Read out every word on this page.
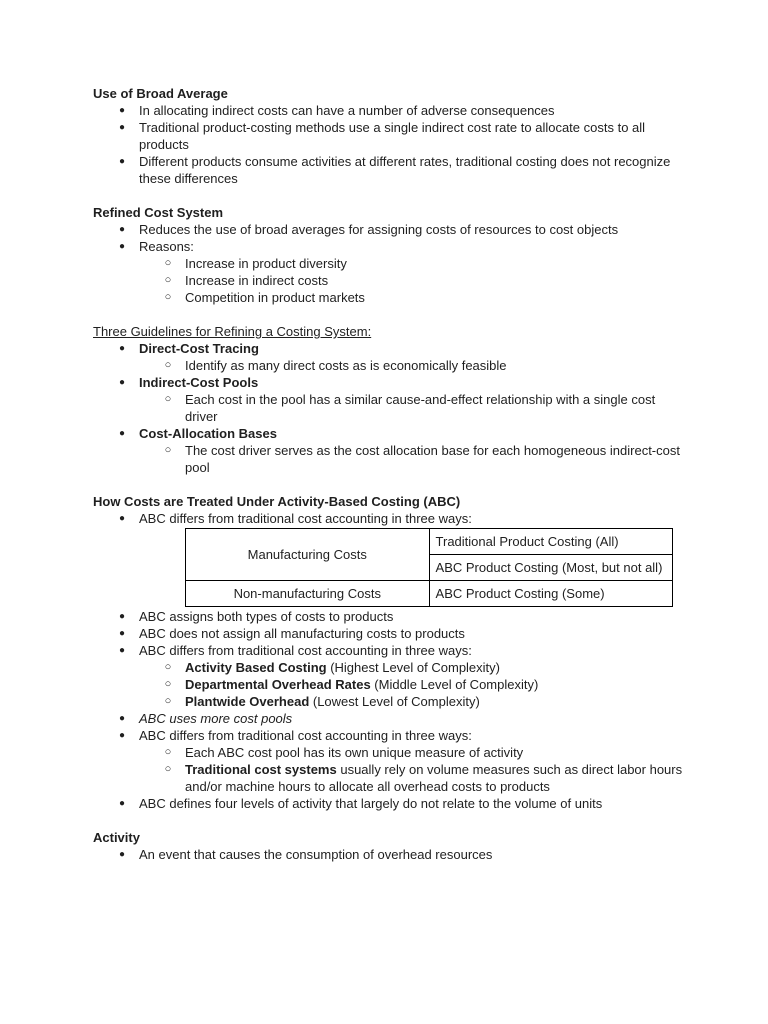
Use of Broad Average
●	In allocating indirect costs can have a number of adverse consequences
●	Traditional product-costing methods use a single indirect cost rate to allocate costs to all products
●	Different products consume activities at different rates, traditional costing does not recognize these differences
Refined Cost System
●	Reduces the use of broad averages for assigning costs of resources to cost objects
●	Reasons:
○ Increase in product diversity
○ Increase in indirect costs
○ Competition in product markets
Three Guidelines for Refining a Costing System:
●	Direct-Cost Tracing
○ Identify as many direct costs as is economically feasible
●	Indirect-Cost Pools
○ Each cost in the pool has a similar cause-and-effect relationship with a single cost driver
●	Cost-Allocation Bases
○ The cost driver serves as the cost allocation base for each homogeneous indirect-cost pool
How Costs are Treated Under Activity-Based Costing (ABC)
●	ABC differs from traditional cost accounting in three ways:
Manufacturing Costs	Traditional Product Costing (All)
	ABC Product Costing (Most, but not all)
Non-manufacturing Costs	ABC Product Costing (Some)
●	ABC assigns both types of costs to products
●	ABC does not assign all manufacturing costs to products
●	ABC differs from traditional cost accounting in three ways:
○ Activity Based Costing (Highest Level of Complexity)
○ Departmental Overhead Rates (Middle Level of Complexity)
○ Plantwide Overhead (Lowest Level of Complexity)
●	ABC uses more cost pools
●	ABC differs from traditional cost accounting in three ways:
○ Each ABC cost pool has its own unique measure of activity
○ Traditional cost systems usually rely on volume measures such as direct labor hours and/or machine hours to allocate all overhead costs to products
●	ABC defines four levels of activity that largely do not relate to the volume of units
Activity
●	An event that causes the consumption of overhead resources
